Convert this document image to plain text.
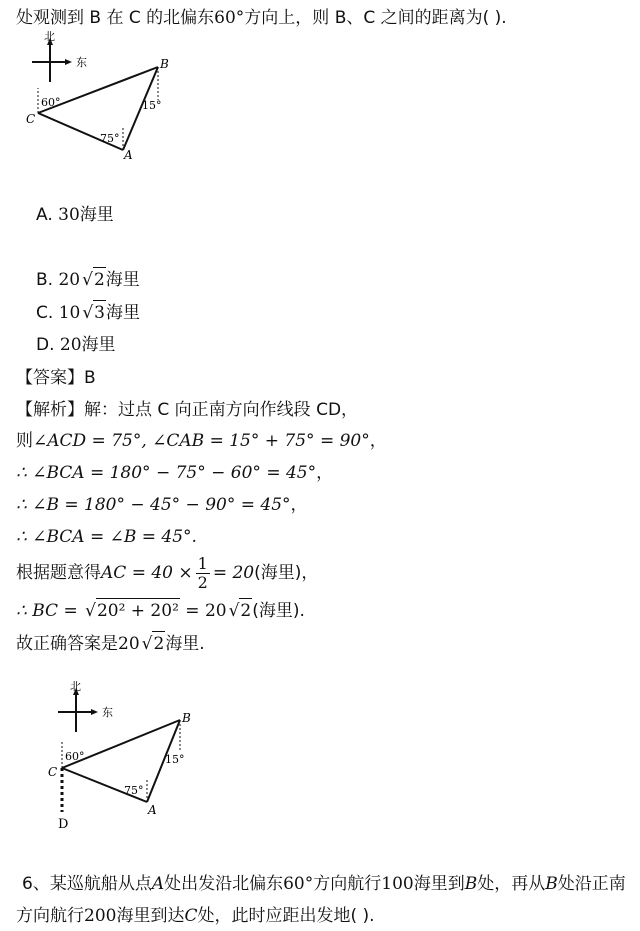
处观测到 B 在 C 的北偏东60°方向上，则 B、C 之间的距离为( ).
北
东
C
B
A
60°	15°
75°
A. 30海里
B. 20 √2海里
C. 10 √3海里
D. 20海里
【答案】B
【解析】解：过点 C 向正南方向作线段 CD，
则∠ACD = 75°, ∠CAB = 15° + 75° = 90°，
∴ ∠BCA = 180° − 75° − 60° = 45°，
∴ ∠B = 180° − 45° − 90° = 45°，
∴ ∠BCA = ∠B = 45°.
根据题意得AC = $40 \times \frac{1}{2} = 20$(海里)，
∴ BC = √20² + 20² = 20 √2(海里).
故正确答案是20 √2海里.
北
东
C
B
A
D
60°	15°
75°
6、某巡航船从点A处出发沿北偏东60°方向航行100海里到B处，再从B处沿正南
方向航行200海里到达C处，此时应距出发地( ).
